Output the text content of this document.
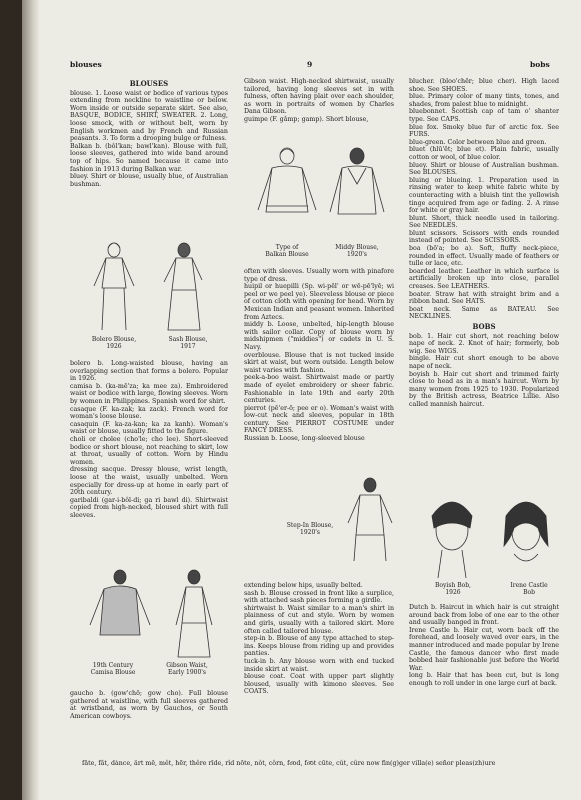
blouses	9	bobs
BLOUSES

blouse. 1. Loose waist or bodice of various types extending from neckline to waistline or below. Worn inside or outside separate skirt. See also, BASQUE, BODICE, SHIRT, SWEATER. 2. Long, loose smock, with or without belt, worn by English workmen and by French and Russian peasants. 3. To form a drooping bulge or fulness.

Balkan b. (bôl'kan; bawl'kan). Blouse with full, loose sleeves, gathered into wide band around top of hips. So named because it came into fashion in 1913 during Balkan war.

bluey. Shirt or blouse, usually blue, of Australian bushman.

Bolero Blouse,
1926
Sash Blouse,
1917

bolero b. Long-waisted blouse, having an overlapping section that forms a bolero. Popular in 1926.

camisa b. (ka-mē'za; ka mee za). Embroidered waist or bodice with large, flowing sleeves. Worn by women in Philippines. Spanish word for shirt.

casaque (F. ka-zak; ka zack). French word for woman's loose blouse.

casaquin (F. ka-za-kan; ka za kanh). Woman's waist or blouse, usually fitted to the figure.

choli or cholee (cho'le; cho lee). Short-sleeved bodice or short blouse, not reaching to skirt, low at throat, usually of cotton. Worn by Hindu women.

dressing sacque. Dressy blouse, wrist length, loose at the waist, usually unbelted. Worn especially for dress-up at home in early part of 20th century.

garibaldi (gar-i-bôl-di; ga ri bawl di). Shirtwaist copied from high-necked, bloused shirt with full sleeves.

19th Century
Camisa Blouse
Gibson Waist,
Early 1900's

gaucho b. (gow'chō; gow cho). Full blouse gathered at waistline, with full sleeves gathered at wristband, as worn by Gauchos, or South American cowboys.

Gibson waist. High-necked shirtwaist, usually tailored, having long sleeves set in with fulness, often having plait over each shoulder, as worn in portraits of women by Charles Dana Gibson.

guimpe (F. gǎmp; gamp). Short blouse,

Type of
Balkan Blouse
Middy Blouse,
1920's

often with sleeves. Usually worn with pinafore type of dress.

huipil or huepilli (Sp. wi-pēl' or wē-pē'lyē; wi peel or we peel ye). Sleeveless blouse or piece of cotton cloth with opening for head. Worn by Mexican Indian and peasant women. Inherited from Aztecs.

middy b. Loose, unbelted, hip-length blouse with sailor collar. Copy of blouse worn by midshipmen ("middies") or cadets in U. S. Navy.

overblouse. Blouse that is not tucked inside skirt at waist, but worn outside. Length below waist varies with fashion.

peek-a-boo waist. Shirtwaist made or partly made of eyelet embroidery or sheer fabric. Fashionable in late 19th and early 20th centuries.

pierrot (pē'er-ō; pee er o). Woman's waist with low-cut neck and sleeves, popular in 18th century. See PIERROT COSTUME under FANCY DRESS.

Russian b. Loose, long-sleeved blouse

Step-In Blouse,
1920's

extending below hips, usually belted.

sash b. Blouse crossed in front like a surplice, with attached sash pieces forming a girdle.

shirtwaist b. Waist similar to a man's shirt in plainness of cut and style. Worn by women and girls, usually with a tailored skirt. More often called tailored blouse.

step-in b. Blouse of any type attached to step-ins. Keeps blouse from riding up and provides panties.

tuck-in b. Any blouse worn with end tucked inside skirt at waist.

blouse coat. Coat with upper part slightly bloused, usually with kimono sleeves. See COATS.

blucher. (bloo'chēr; blue cher). High laced shoe. See SHOES.

blue. Primary color of many tints, tones, and shades, from palest blue to midnight.

bluebonnet. Scottish cap of tam o' shanter type. See CAPS.

blue fox. Smoky blue fur of arctic fox. See FURS.

blue-green. Color between blue and green.

bluet (hlū'ēt; blue et). Plain fabric, usually cotton or wool, of blue color.

bluey. Shirt or blouse of Australian bushman. See BLOUSES.

bluing or blueing. 1. Preparation used in rinsing water to keep white fabric white by counteracting with a bluish tint the yellowish tinge acquired from age or fading. 2. A rinse for white or gray hair.

blunt. Short, thick needle used in tailoring. See NEEDLES.

blunt scissors. Scissors with ends rounded instead of pointed. See SCISSORS.

boa (bō'a; bo a). Soft, fluffy neck-piece, rounded in effect. Usually made of feathers or tulle or lace, etc.

boarded leather. Leather in which surface is artificially broken up into close, parallel creases. See LEATHERS.

boater. Straw hat with straight brim and a ribbon band. See HATS.

boat neck. Same as BATEAU. See NECKLINES.

BOBS

bob. 1. Hair cut short, not reaching below nape of neck. 2. Knot of hair; formerly, bob wig. See WIGS.

bingle. Hair cut short enough to be above nape of neck.

boyish b. Hair cut short and trimmed fairly close to head as in a man's haircut. Worn by many women from 1925 to 1930. Popularized by the British actress, Beatrice Lillie. Also called mannish haircut.

Boyish Bob,
1926
Irene Castle
Bob

Dutch b. Haircut in which hair is cut straight around back from lobe of one ear to the other and usually banged in front.

Irene Castle b. Hair cut, worn back off the forehead, and loosely waved over ears, in the manner introduced and made popular by Irene Castle, the famous dancer who first made bobbed hair fashionable just before the World War.

long b. Hair that has been cut, but is long enough to roll under in one large curl at back.

fāte, făt, dȧnce, ärt mē, mĕt, hẽr, thêre rīde, rĭd nōte, nŏt, côrn, fo͞od, fo͝ot cūte, cŭt, cûre now fin(g)ger villa(e) señor pleas(zh)ure
